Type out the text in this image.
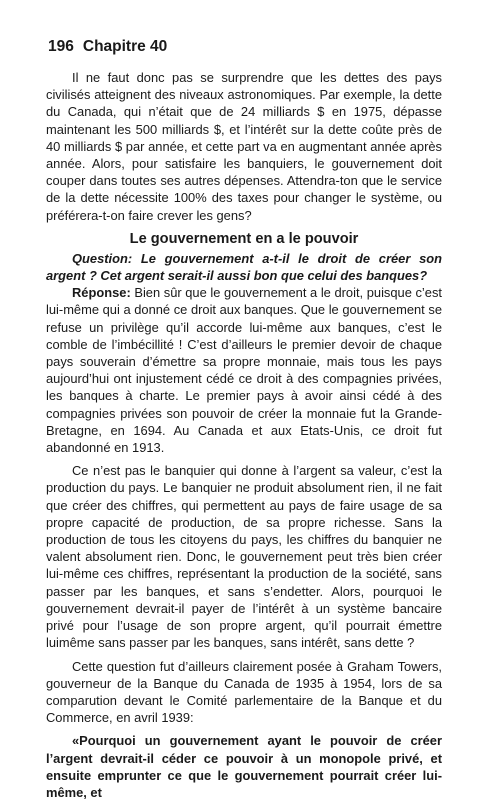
196 Chapitre 40

Il ne faut donc pas se surprendre que les dettes des pays civilisés atteignent des niveaux astronomiques. Par exemple, la dette du Canada, qui n’était que de 24 milliards $ en 1975, dépasse maintenant les 500 milliards $, et l’intérêt sur la dette coûte près de 40 milliards $ par année, et cette part va en augmentant année après année. Alors, pour satisfaire les banquiers, le gouvernement doit couper dans toutes ses autres dépenses. Attendra-ton que le service de la dette nécessite 100% des taxes pour changer le système, ou préférera-t-on faire crever les gens?

Le gouvernement en a le pouvoir

Question: Le gouvernement a-t-il le droit de créer son argent ? Cet argent serait-il aussi bon que celui des banques?

Réponse: Bien sûr que le gouvernement a le droit, puisque c’est lui-même qui a donné ce droit aux banques. Que le gouvernement se refuse un privilège qu’il accorde lui-même aux banques, c’est le comble de l’imbécillité ! C’est d’ailleurs le premier devoir de chaque pays souverain d’émettre sa propre monnaie, mais tous les pays aujourd’hui ont injustement cédé ce droit à des compagnies privées, les banques à charte. Le premier pays à avoir ainsi cédé à des compagnies privées son pouvoir de créer la monnaie fut la Grande-Bretagne, en 1694. Au Canada et aux Etats-Unis, ce droit fut abandonné en 1913.

Ce n’est pas le banquier qui donne à l’argent sa valeur, c’est la production du pays. Le banquier ne produit absolument rien, il ne fait que créer des chiffres, qui permettent au pays de faire usage de sa propre capacité de production, de sa propre richesse. Sans la production de tous les citoyens du pays, les chiffres du banquier ne valent absolument rien. Donc, le gouvernement peut très bien créer lui-même ces chiffres, représentant la production de la société, sans passer par les banques, et sans s’endetter. Alors, pourquoi le gouvernement devrait-il payer de l’intérêt à un système bancaire privé pour l’usage de son propre argent, qu’il pourrait émettre luimême sans passer par les banques, sans intérêt, sans dette ?

Cette question fut d’ailleurs clairement posée à Graham Towers, gouverneur de la Banque du Canada de 1935 à 1954, lors de sa comparution devant le Comité parlementaire de la Banque et du Commerce, en avril 1939:

«Pourquoi un gouvernement ayant le pouvoir de créer l’argent devrait-il céder ce pouvoir à un monopole privé, et ensuite emprunter ce que le gouvernement pourrait créer lui-même, et
